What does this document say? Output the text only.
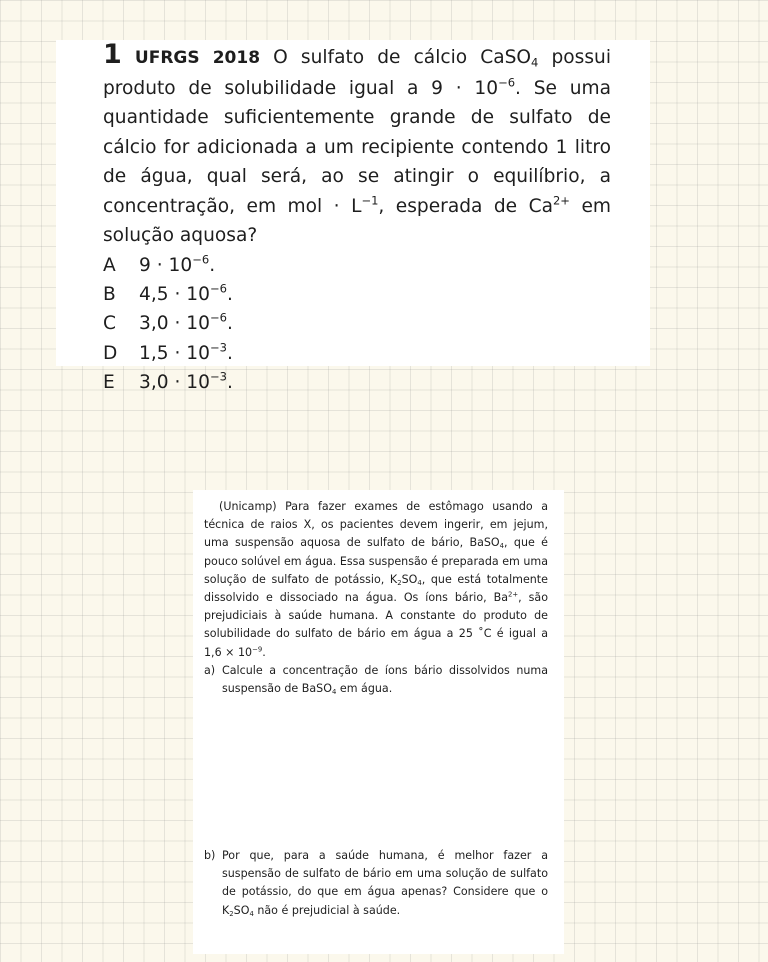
1 UFRGS 2018 O sulfato de cálcio CaSO$_4$ possui produto de solubilidade igual a $9 \cdot 10^{-6}$. Se uma quantidade suficientemente grande de sulfato de cálcio for adicionada a um recipiente contendo 1 litro de água, qual será, ao se atingir o equilíbrio, a concentração, em mol · $L^{-1}$, esperada de $Ca^{2+}$ em solução aquosa?
A	$9 \cdot 10^{-6}$.
B	$4,5 \cdot 10^{-6}$.
C	$3,0 \cdot 10^{-6}$.
D	$1,5 \cdot 10^{-3}$.
E	$3,0 \cdot 10^{-3}$.

(Unicamp) Para fazer exames de estômago usando a técnica de raios X, os pacientes devem ingerir, em jejum, uma suspensão aquosa de sulfato de bário, BaSO$_4$, que é pouco solúvel em água. Essa suspensão é preparada em uma solução de sulfato de potássio, $K_2SO_4$, que está totalmente dissolvido e dissociado na água. Os íons bário, $Ba^{2+}$, são prejudiciais à saúde humana. A constante do produto de solubilidade do sulfato de bário em água a 25 ˚C é igual a $1,6 \times 10^{-9}$.

a) Calcule a concentração de íons bário dissolvidos numa suspensão de BaSO$_4$ em água.
b) Por que, para a saúde humana, é melhor fazer a suspensão de sulfato de bário em uma solução de sulfato de potássio, do que em água apenas? Considere que o $K_2SO_4$ não é prejudicial à saúde.
